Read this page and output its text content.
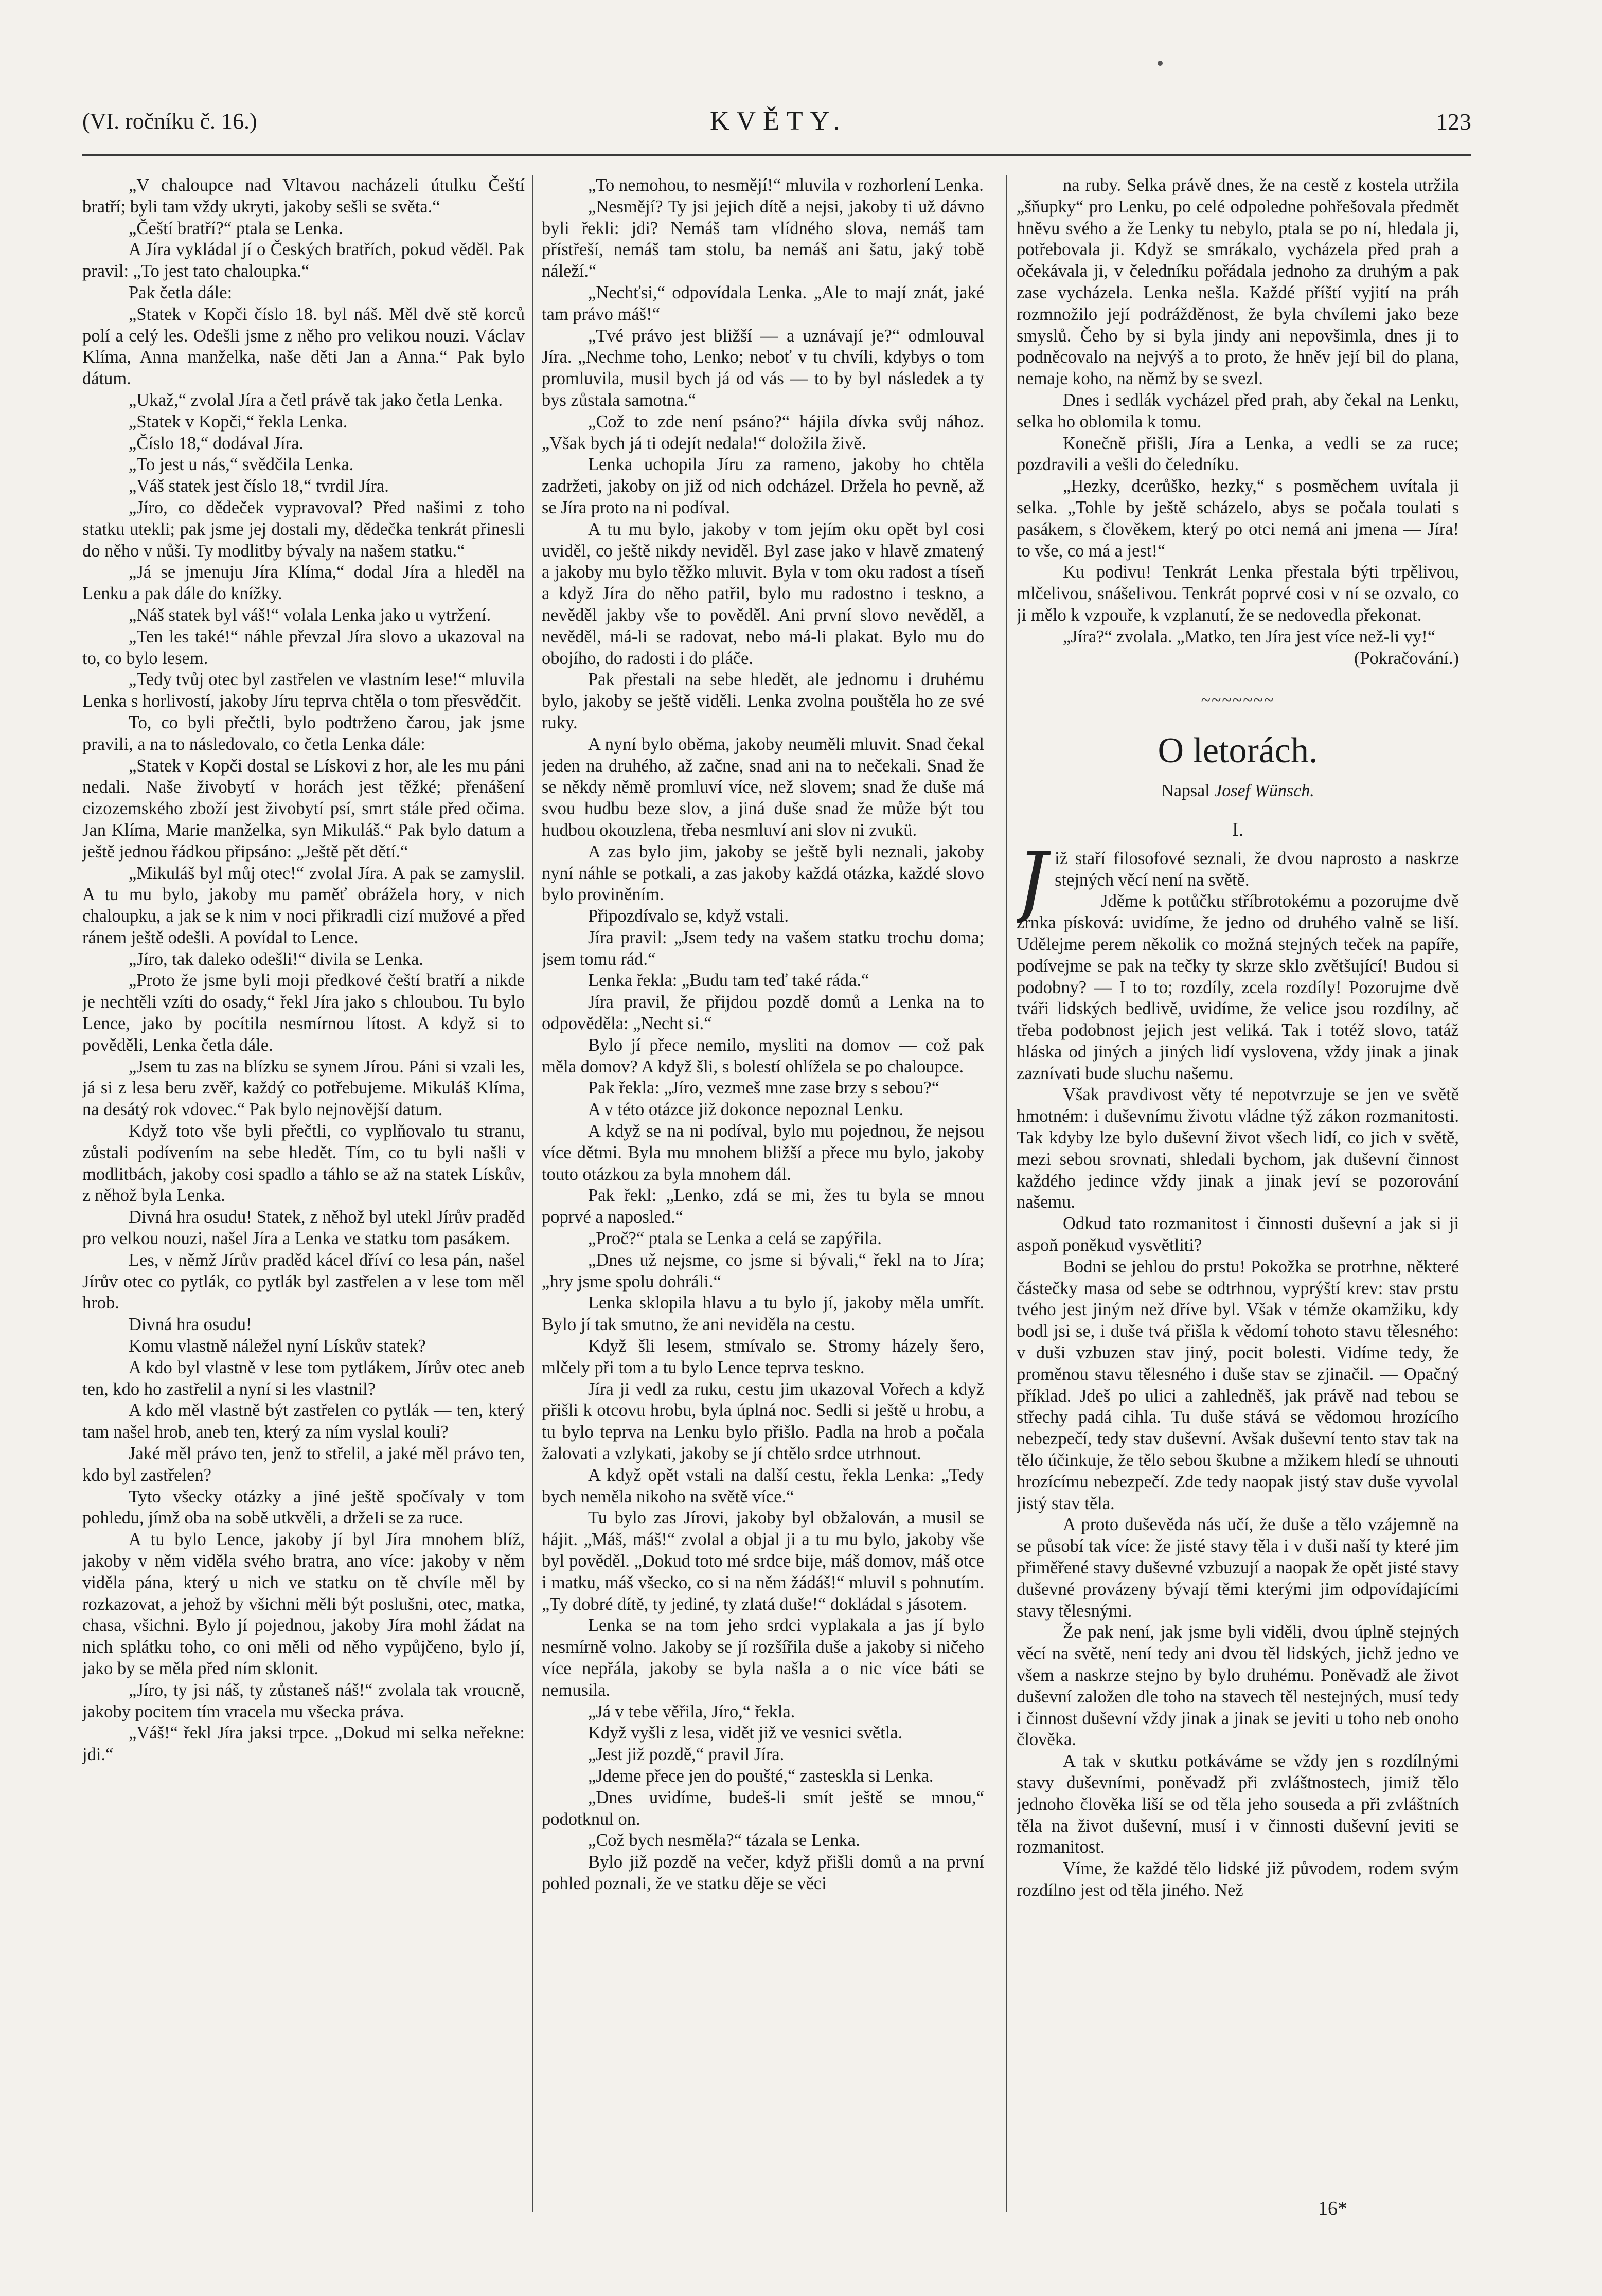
(VI. ročníku č. 16.)	KVĚTY.	123

„V chaloupce nad Vltavou nacházeli útulku Čeští bratří; byli tam vždy ukryti, jakoby sešli se světa.“

„Čeští bratří?“ ptala se Lenka.

A Jíra vykládal jí o Českých bratřích, pokud věděl. Pak pravil: „To jest tato chaloupka.“

Pak četla dále:

„Statek v Kopči číslo 18. byl náš. Měl dvě stě korců polí a celý les. Odešli jsme z něho pro velikou nouzi. Václav Klíma, Anna manželka, naše děti Jan a Anna.“ Pak bylo dátum.

„Ukaž,“ zvolal Jíra a četl právě tak jako četla Lenka.

„Statek v Kopči,“ řekla Lenka.

„Číslo 18,“ dodával Jíra.

„To jest u nás,“ svědčila Lenka.

„Váš statek jest číslo 18,“ tvrdil Jíra.

„Jíro, co dědeček vypravoval? Před našimi z toho statku utekli; pak jsme jej dostali my, dědečka tenkrát přinesli do něho v nůši. Ty modlitby bývaly na našem statku.“

„Já se jmenuju Jíra Klíma,“ dodal Jíra a hleděl na Lenku a pak dále do knížky.

„Náš statek byl váš!“ volala Lenka jako u vytržení.

„Ten les také!“ náhle převzal Jíra slovo a ukazoval na to, co bylo lesem.

„Tedy tvůj otec byl zastřelen ve vlastním lese!“ mluvila Lenka s horlivostí, jakoby Jíru teprva chtěla o tom přesvědčit.

To, co byli přečtli, bylo podtrženo čarou, jak jsme pravili, a na to následovalo, co četla Lenka dále:

„Statek v Kopči dostal se Lískovi z hor, ale les mu páni nedali. Naše živobytí v horách jest těžké; přenášení cizozemského zboží jest živobytí psí, smrt stále před očima. Jan Klíma, Marie manželka, syn Mikuláš.“ Pak bylo datum a ještě jednou řádkou připsáno: „Ještě pět dětí.“

„Mikuláš byl můj otec!“ zvolal Jíra. A pak se zamyslil. A tu mu bylo, jakoby mu paměť obrážela hory, v nich chaloupku, a jak se k nim v noci přikradli cizí mužové a před ránem ještě odešli. A povídal to Lence.

„Jíro, tak daleko odešli!“ divila se Lenka.

„Proto že jsme byli moji předkové čeští bratří a nikde je nechtěli vzíti do osady,“ řekl Jíra jako s chloubou. Tu bylo Lence, jako by pocítila nesmírnou lítost. A když si to pověděli, Lenka četla dále.

„Jsem tu zas na blízku se synem Jírou. Páni si vzali les, já si z lesa beru zvěř, každý co potřebujeme. Mikuláš Klíma, na desátý rok vdovec.“ Pak bylo nejnovější datum.

Když toto vše byli přečtli, co vyplňovalo tu stranu, zůstali podívením na sebe hledět. Tím, co tu byli našli v modlitbách, jakoby cosi spadlo a táhlo se až na statek Lískův, z něhož byla Lenka.

Divná hra osudu! Statek, z něhož byl utekl Jírův praděd pro velkou nouzi, našel Jíra a Lenka ve statku tom pasákem.

Les, v němž Jírův praděd kácel dříví co lesa pán, našel Jírův otec co pytlák, co pytlák byl zastřelen a v lese tom měl hrob.

Divná hra osudu!

Komu vlastně náležel nyní Lískův statek?

A kdo byl vlastně v lese tom pytlákem, Jírův otec aneb ten, kdo ho zastřelil a nyní si les vlastnil?

A kdo měl vlastně být zastřelen co pytlák — ten, který tam našel hrob, aneb ten, který za ním vyslal kouli?

Jaké měl právo ten, jenž to střelil, a jaké měl právo ten, kdo byl zastřelen?

Tyto všecky otázky a jiné ještě spočívaly v tom pohledu, jímž oba na sobě utkvěli, a držeIi se za ruce.

A tu bylo Lence, jakoby jí byl Jíra mnohem blíž, jakoby v něm viděla svého bratra, ano více: jakoby v něm viděla pána, který u nich ve statku on tě chvíle měl by rozkazovat, a jehož by všichni měli být poslušni, otec, matka, chasa, všichni. Bylo jí pojednou, jakoby Jíra mohl žádat na nich splátku toho, co oni měli od něho vypůjčeno, bylo jí, jako by se měla před ním sklonit.

„Jíro, ty jsi náš, ty zůstaneš náš!“ zvolala tak vroucně, jakoby pocitem tím vracela mu všecka práva.

„Váš!“ řekl Jíra jaksi trpce. „Dokud mi selka neřekne: jdi.“

„To nemohou, to nesmějí!“ mluvila v rozhorlení Lenka.

„Nesmějí? Ty jsi jejich dítě a nejsi, jakoby ti už dávno byli řekli: jdi? Nemáš tam vlídného slova, nemáš tam přístřeší, nemáš tam stolu, ba nemáš ani šatu, jaký tobě náleží.“

„Nechťsi,“ odpovídala Lenka. „Ale to mají znát, jaké tam právo máš!“

„Tvé právo jest bližší — a uznávají je?“ odmlouval Jíra. „Nechme toho, Lenko; neboť v tu chvíli, kdybys o tom promluvila, musil bych já od vás — to by byl následek a ty bys zůstala samotna.“

„Což to zde není psáno?“ hájila dívka svůj nához. „Však bych já ti odejít nedala!“ doložila živě.

Lenka uchopila Jíru za rameno, jakoby ho chtěla zadržeti, jakoby on již od nich odcházel. Držela ho pevně, až se Jíra proto na ni podíval.

A tu mu bylo, jakoby v tom jejím oku opět byl cosi uviděl, co ještě nikdy neviděl. Byl zase jako v hlavě zmatený a jakoby mu bylo těžko mluvit. Byla v tom oku radost a tíseň a když Jíra do něho patřil, bylo mu radostno i teskno, a nevěděl jakby vše to pověděl. Ani první slovo nevěděl, a nevěděl, má-li se radovat, nebo má-li plakat. Bylo mu do obojího, do radosti i do pláče.

Pak přestali na sebe hledět, ale jednomu i druhému bylo, jakoby se ještě viděli. Lenka zvolna pouštěla ho ze své ruky.

A nyní bylo oběma, jakoby neuměli mluvit. Snad čekal jeden na druhého, až začne, snad ani na to nečekali. Snad že se někdy němě promluví více, než slovem; snad že duše má svou hudbu beze slov, a jiná duše snad že může být tou hudbou okouzlena, třeba nesmluví ani slov ni zvukü.

A zas bylo jim, jakoby se ještě byli neznali, jakoby nyní náhle se potkali, a zas jakoby každá otázka, každé slovo bylo proviněním.

Připozdívalo se, když vstali.

Jíra pravil: „Jsem tedy na vašem statku trochu doma; jsem tomu rád.“

Lenka řekla: „Budu tam teď také ráda.“

Jíra pravil, že přijdou pozdě domů a Lenka na to odpověděla: „Necht si.“

Bylo jí přece nemilo, mysliti na domov — což pak měla domov? A když šli, s bolestí ohlížela se po chaloupce.

Pak řekla: „Jíro, vezmeš mne zase brzy s sebou?“

A v této otázce již dokonce nepoznal Lenku.

A když se na ni podíval, bylo mu pojednou, že nejsou více dětmi. Byla mu mnohem bližší a přece mu bylo, jakoby touto otázkou za byla mnohem dál.

Pak řekl: „Lenko, zdá se mi, žes tu byla se mnou poprvé a naposled.“

„Proč?“ ptala se Lenka a celá se zapýřila.

„Dnes už nejsme, co jsme si bývali,“ řekl na to Jíra; „hry jsme spolu dohráli.“

Lenka sklopila hlavu a tu bylo jí, jakoby měla umřít. Bylo jí tak smutno, že ani neviděla na cestu.

Když šli lesem, stmívalo se. Stromy házely šero, mlčely při tom a tu bylo Lence teprva teskno.

Jíra ji vedl za ruku, cestu jim ukazoval Vořech a když přišli k otcovu hrobu, byla úplná noc. Sedli si ještě u hrobu, a tu bylo teprva na Lenku bylo přišlo. Padla na hrob a počala žalovati a vzlykati, jakoby se jí chtělo srdce utrhnout.

A když opět vstali na další cestu, řekla Lenka: „Tedy bych neměla nikoho na světě více.“

Tu bylo zas Jírovi, jakoby byl obžalován, a musil se hájit. „Máš, máš!“ zvolal a objal ji a tu mu bylo, jakoby vše byl pověděl. „Dokud toto mé srdce bije, máš domov, máš otce i matku, máš všecko, co si na něm žádáš!“ mluvil s pohnutím. „Ty dobré dítě, ty jediné, ty zlatá duše!“ dokládal s jásotem.

Lenka se na tom jeho srdci vyplakala a jas jí bylo nesmírně volno. Jakoby se jí rozšířila duše a jakoby si ničeho více nepřála, jakoby se byla našla a o nic více báti se nemusila.

„Já v tebe věřila, Jíro,“ řekla.

Když vyšli z lesa, vidět již ve vesnici světla.

„Jest již pozdě,“ pravil Jíra.

„Jdeme přece jen do poušté,“ zasteskla si Lenka.

„Dnes uvidíme, budeš-li smít ještě se mnou,“ podotknul on.

„Což bych nesměla?“ tázala se Lenka.

Bylo již pozdě na večer, když přišli domů a na první pohled poznali, že ve statku děje se věci

na ruby. Selka právě dnes, že na cestě z kostela utržila „šňupky“ pro Lenku, po celé odpoledne pohřešovala předmět hněvu svého a že Lenky tu nebylo, ptala se po ní, hledala ji, potřebovala ji. Když se smrákalo, vycházela před prah a očekávala ji, v čeledníku pořádala jednoho za druhým a pak zase vycházela. Lenka nešla. Každé příští vyjití na práh rozmnožilo její podrážděnost, že byla chvílemi jako beze smyslů. Čeho by si byla jindy ani nepovšimla, dnes ji to podněcovalo na nejvýš a to proto, že hněv její bil do plana, nemaje koho, na němž by se svezl.

Dnes i sedlák vycházel před prah, aby čekal na Lenku, selka ho oblomila k tomu.

Konečně přišli, Jíra a Lenka, a vedli se za ruce; pozdravili a vešli do čeledníku.

„Hezky, dcerůško, hezky,“ s posměchem uvítala ji selka. „Tohle by ještě scházelo, abys se počala toulati s pasákem, s člověkem, který po otci nemá ani jmena — Jíra! to vše, co má a jest!“

Ku podivu! Tenkrát Lenka přestala býti trpělivou, mlčelivou, snášelivou. Tenkrát poprvé cosi v ní se ozvalo, co ji mělo k vzpouře, k vzplanutí, že se nedovedla překonat.

„Jíra?“ zvolala. „Matko, ten Jíra jest více než-li vy!“

(Pokračování.)

~~~~~~~
O letorách.
Napsal Josef Wünsch.
I.

Již staří filosofové seznali, že dvou naprosto a naskrze stejných věcí není na světě.

Jděme k potůčku stříbrotokému a pozorujme dvě zrnka písková: uvidíme, že jedno od druhého valně se liší. Udělejme perem několik co možná stejných teček na papíře, podívejme se pak na tečky ty skrze sklo zvětšující! Budou si podobny? — I to to; rozdíly, zcela rozdíly! Pozorujme dvě tváři lidských bedlivě, uvidíme, že velice jsou rozdílny, ač třeba podobnost jejich jest veliká. Tak i totéž slovo, tatáž hláska od jiných a jiných lidí vyslovena, vždy jinak a jinak zaznívati bude sluchu našemu.

Však pravdivost věty té nepotvrzuje se jen ve světě hmotném: i duševnímu životu vládne týž zákon rozmanitosti. Tak kdyby lze bylo duševní život všech lidí, co jich v světě, mezi sebou srovnati, shledali bychom, jak duševní činnost každého jedince vždy jinak a jinak jeví se pozorování našemu.

Odkud tato rozmanitost i činnosti duševní a jak si ji aspoň poněkud vysvětliti?

Bodni se jehlou do prstu! Pokožka se protrhne, některé částečky masa od sebe se odtrhnou, vyprýští krev: stav prstu tvého jest jiným než dříve byl. Však v témže okamžiku, kdy bodl jsi se, i duše tvá přišla k vědomí tohoto stavu tělesného: v duši vzbuzen stav jiný, pocit bolesti. Vidíme tedy, že proměnou stavu tělesného i duše stav se zjinačil. — Opačný příklad. Jdeš po ulici a zahledněš, jak právě nad tebou se střechy padá cihla. Tu duše stává se vědomou hrozícího nebezpečí, tedy stav duševní. Avšak duševní tento stav tak na tělo účinkuje, že tělo sebou škubne a mžikem hledí se uhnouti hrozícímu nebezpečí. Zde tedy naopak jistý stav duše vyvolal jistý stav těla.

A proto duševěda nás učí, že duše a tělo vzájemně na se působí tak více: že jisté stavy těla i v duši naší ty které jim přiměřené stavy duševné vzbuzují a naopak že opět jisté stavy duševné provázeny bývají těmi kterými jim odpovídajícími stavy tělesnými.

Že pak není, jak jsme byli viděli, dvou úplně stejných věcí na světě, není tedy ani dvou těl lidských, jichž jedno ve všem a naskrze stejno by bylo druhému. Poněvadž ale život duševní založen dle toho na stavech těl nestejných, musí tedy i činnost duševní vždy jinak a jinak se jeviti u toho neb onoho člověka.

A tak v skutku potkáváme se vždy jen s rozdílnými stavy duševními, poněvadž při zvláštnostech, jimiž tělo jednoho člověka liší se od těla jeho souseda a při zvláštních těla na život duševní, musí i v činnosti duševní jeviti se rozmanitost.

Víme, že každé tělo lidské již původem, rodem svým rozdílno jest od těla jiného. Než

16*
